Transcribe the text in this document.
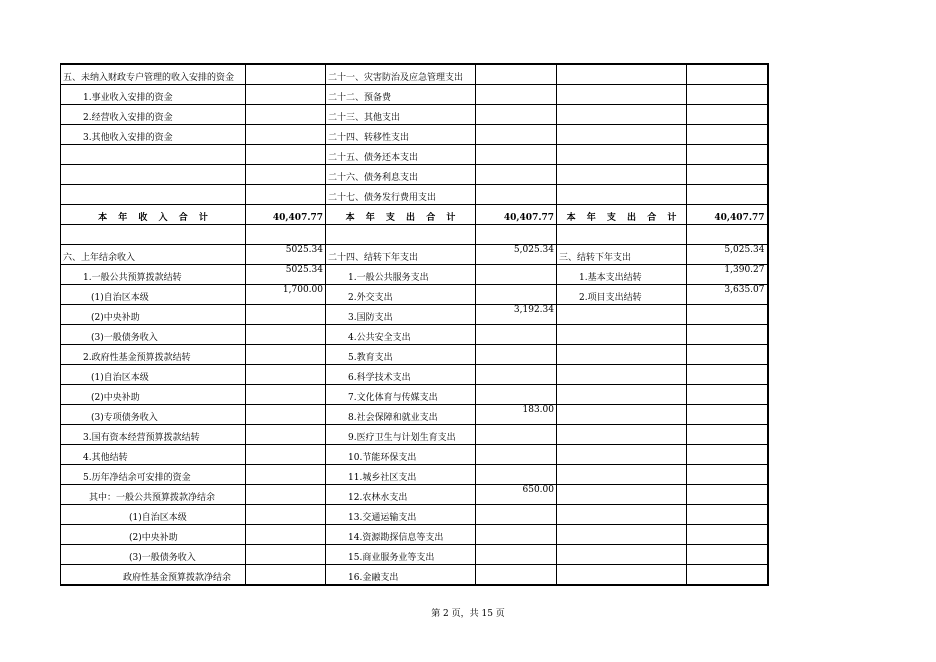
五、未纳入财政专户管理的收入安排的资金		二十一、灾害防治及应急管理支出			
1.事业收入安排的资金		二十二、预备费			
2.经营收入安排的资金		二十三、其他支出			
3.其他收入安排的资金		二十四、转移性支出			
		二十五、债务还本支出			
		二十六、债务利息支出			
		二十七、债务发行费用支出			
本 年 收 入 合 计	40,407.77	本 年 支 出 合 计	40,407.77	本 年 支 出 合 计	40,407.77

六、上年结余收入	5025.34	二十四、结转下年支出	5,025.34	三、结转下年支出	5,025.34
1.一般公共预算拨款结转	5025.34	1.一般公共服务支出		1.基本支出结转	1,390.27
(1)自治区本级	1,700.00	2.外交支出		2.项目支出结转	3,635.07
(2)中央补助		3.国防支出	3,192.34		
(3)一般债务收入		4.公共安全支出			
2.政府性基金预算拨款结转		5.教育支出			
(1)自治区本级		6.科学技术支出			
(2)中央补助		7.文化体育与传媒支出			
(3)专项债务收入		8.社会保障和就业支出	183.00		
3.国有资本经营预算拨款结转		9.医疗卫生与计划生育支出			
4.其他结转		10.节能环保支出			
5.历年净结余可安排的资金		11.城乡社区支出			
其中：一般公共预算拨款净结余		12.农林水支出	650.00		
(1)自治区本级		13.交通运输支出			
(2)中央补助		14.资源勘探信息等支出			
(3)一般债务收入		15.商业服务业等支出			
政府性基金预算拨款净结余		16.金融支出			
第 2 页，共 15 页
